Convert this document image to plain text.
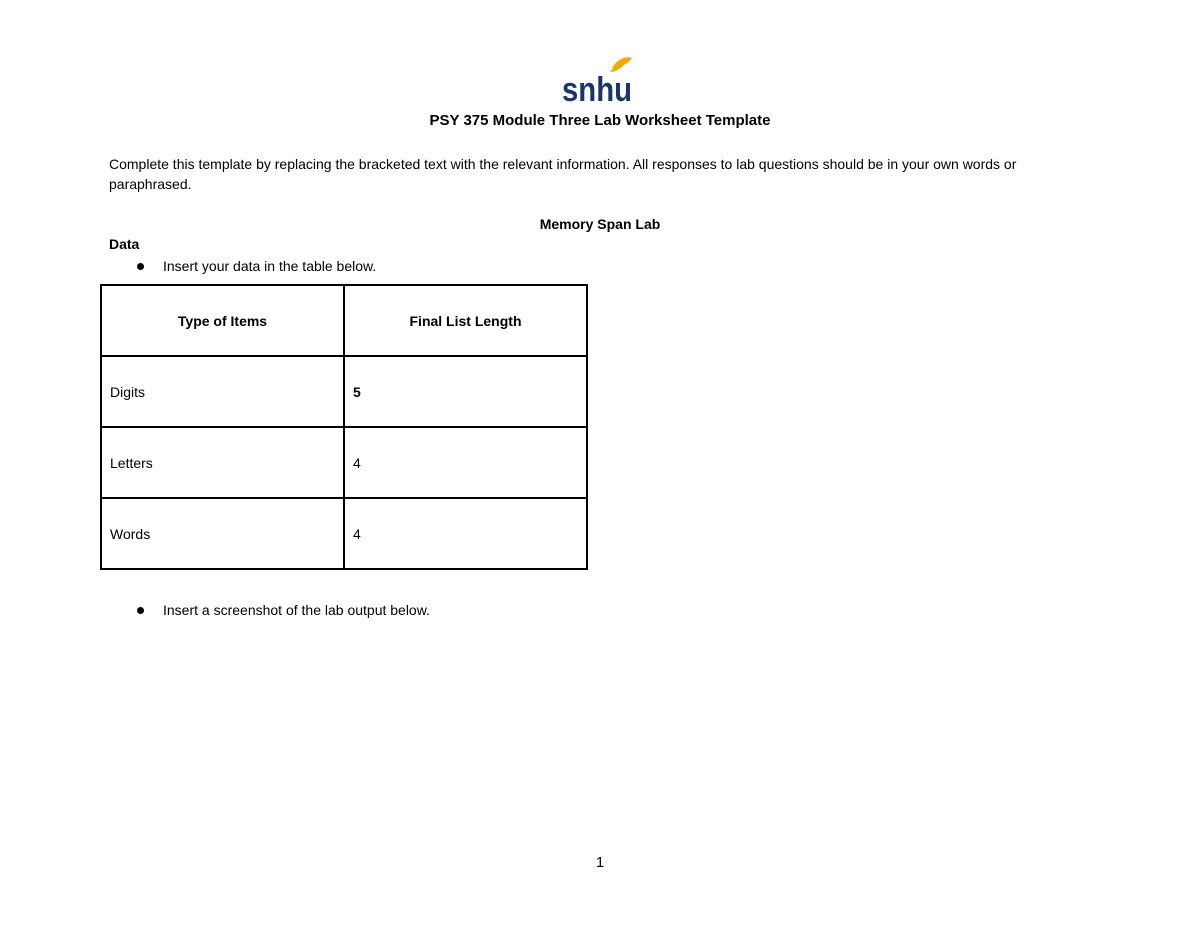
snhu
PSY 375 Module Three Lab Worksheet Template

Complete this template by replacing the bracketed text with the relevant information. All responses to lab questions should be in your own words or paraphrased.

Memory Span Lab
Data
Insert your data in the table below.
Type of Items	Final List Length
Digits	5
Letters	4
Words	4
Insert a screenshot of the lab output below.
1
